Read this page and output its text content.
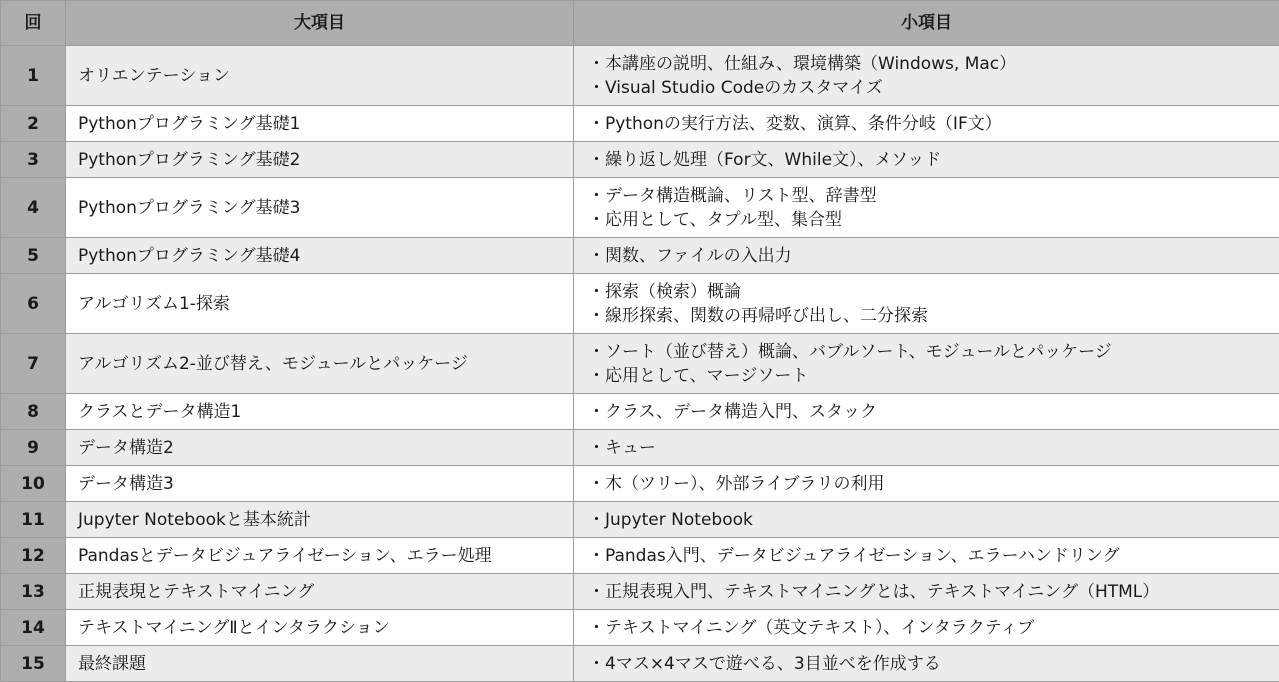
回	大項目	小項目
1	オリエンテーション	・本講座の説明、仕組み、環境構築（Windows, Mac）
・Visual Studio Codeのカスタマイズ

2	Pythonプログラミング基礎1	・Pythonの実行方法、変数、演算、条件分岐（IF文）

3	Pythonプログラミング基礎2	・繰り返し処理（For文、While文）、メソッド

4	Pythonプログラミング基礎3	・データ構造概論、リスト型、辞書型
・応用として、タプル型、集合型

5	Pythonプログラミング基礎4	・関数、ファイルの入出力

6	アルゴリズム1-探索	・探索（検索）概論
・線形探索、関数の再帰呼び出し、二分探索

7	アルゴリズム2-並び替え、モジュールとパッケージ	・ソート（並び替え）概論、バブルソート、モジュールとパッケージ
・応用として、マージソート

8	クラスとデータ構造1	・クラス、データ構造入門、スタック

9	データ構造2	・キュー

10	データ構造3	・木（ツリー）、外部ライブラリの利用

11	Jupyter Notebookと基本統計	・Jupyter Notebook

12	Pandasとデータビジュアライゼーション、エラー処理	・Pandas入門、データビジュアライゼーション、エラーハンドリング

13	正規表現とテキストマイニング	・正規表現入門、テキストマイニングとは、テキストマイニング（HTML）

14	テキストマイニングⅡとインタラクション	・テキストマイニング（英文テキスト）、インタラクティブ

15	最終課題	・4マス×4マスで遊べる、3目並べを作成する
